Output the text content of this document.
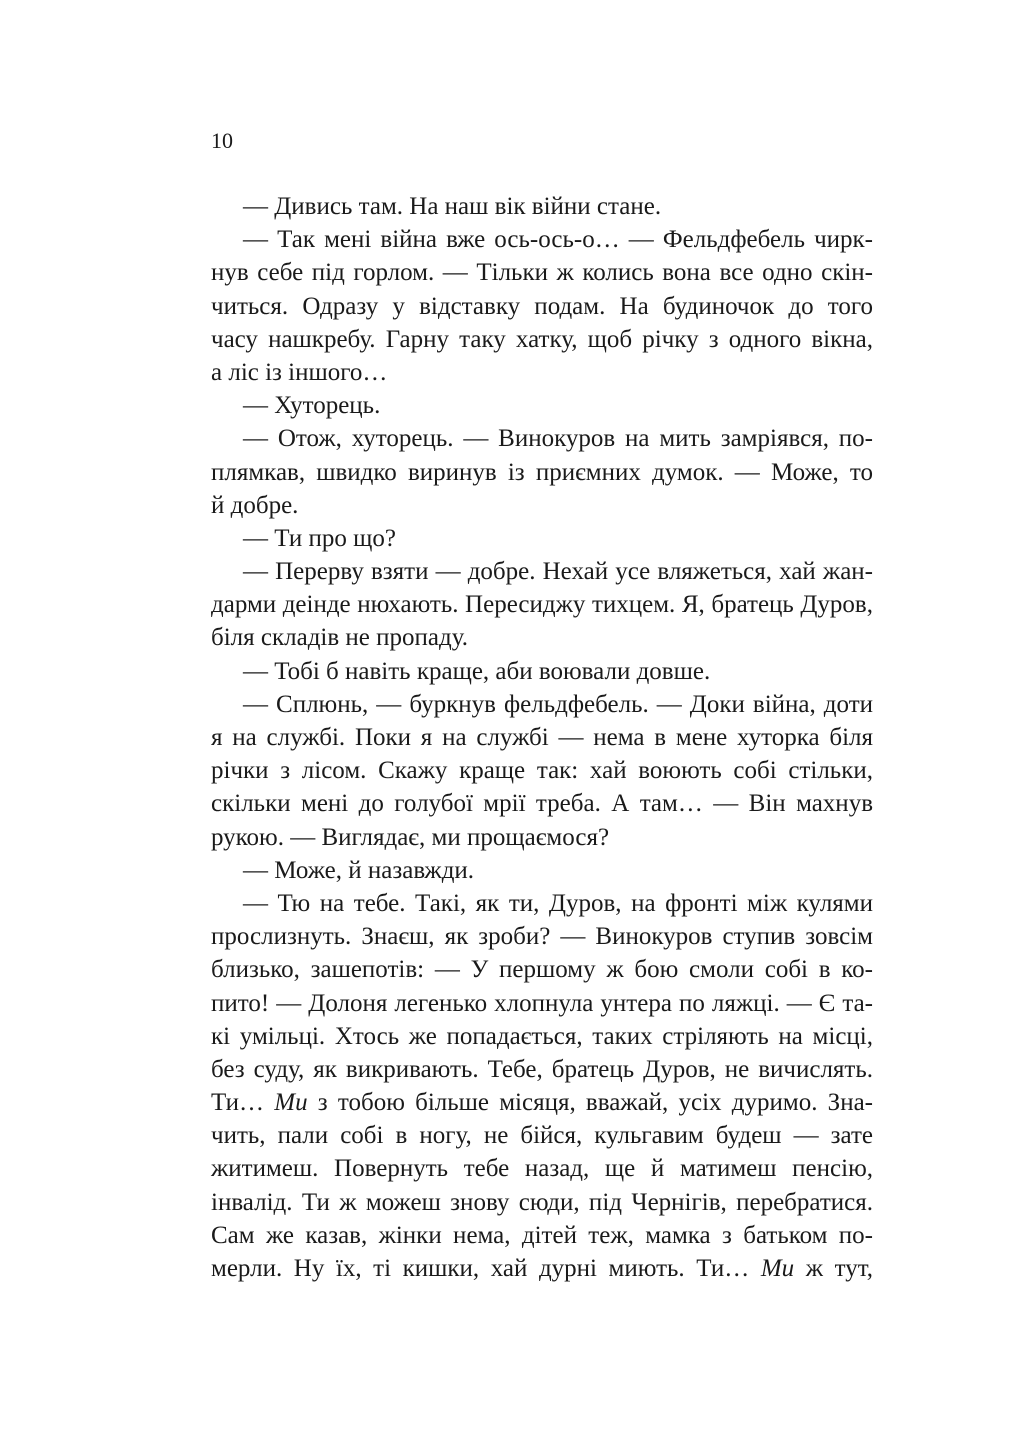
10
— Дивись там. На наш вік війни стане.
— Так мені війна вже ось-ось-о… — Фельдфебель чирк-
нув себе під горлом. — Тільки ж колись вона все одно скін-
читься. Одразу у відставку подам. На будиночок до того
часу нашкребу. Гарну таку хатку, щоб річку з одного вікна,
а ліс із іншого…
— Хуторець.
— Отож, хуторець. — Винокуров на мить замріявся, по-
плямкав, швидко виринув із приємних думок. — Може, то
й добре.
— Ти про що?
— Перерву взяти — добре. Нехай усе вляжеться, хай жан-
дарми деінде нюхають. Пересиджу тихцем. Я, братець Дуров,
біля складів не пропаду.
— Тобі б навіть краще, аби воювали довше.
— Сплюнь, — буркнув фельдфебель. — Доки війна, доти
я на службі. Поки я на службі — нема в мене хуторка біля
річки з лісом. Скажу краще так: хай воюють собі стільки,
скільки мені до голубої мрії треба. А там… — Він махнув
рукою. — Виглядає, ми прощаємося?
— Може, й назавжди.
— Тю на тебе. Такі, як ти, Дуров, на фронті між кулями
прослизнуть. Знаєш, як зроби? — Винокуров ступив зовсім
близько, зашепотів: — У першому ж бою смоли собі в ко-
пито! — Долоня легенько хлопнула унтера по ляжці. — Є та-
кі умільці. Хтось же попадається, таких стріляють на місці,
без суду, як викривають. Тебе, братець Дуров, не вичислять.
Ти… Ми з тобою більше місяця, вважай, усіх дуримо. Зна-
чить, пали собі в ногу, не бійся, кульгавим будеш — зате
житимеш. Повернуть тебе назад, ще й матимеш пенсію,
інвалід. Ти ж можеш знову сюди, під Чернігів, перебратися.
Сам же казав, жінки нема, дітей теж, мамка з батьком по-
мерли. Ну їх, ті кишки, хай дурні миють. Ти… Ми ж тут,
